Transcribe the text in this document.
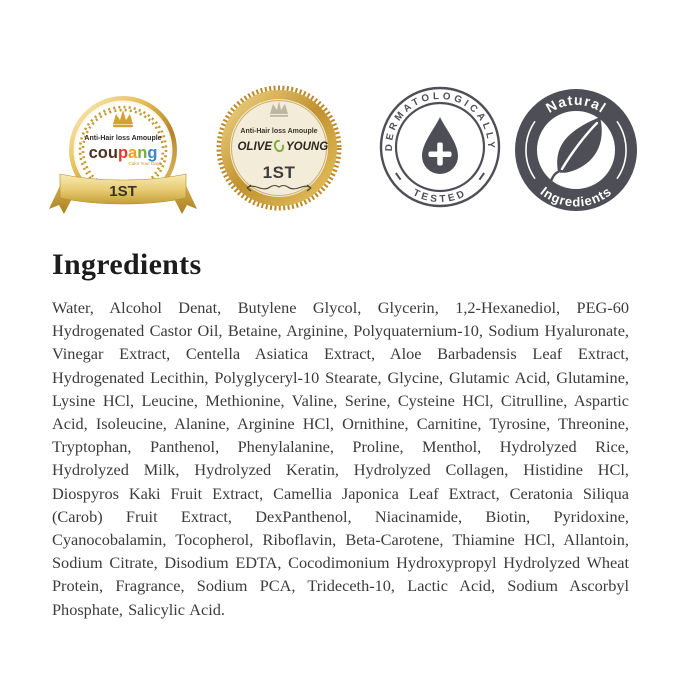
Anti-Hair loss Amouple
coupang
Color Your Days
1ST
Anti-Hair loss Amouple
OLIVE YOUNG
1ST
DERMATOLOGICALLY
TESTED
Natural
Ingredients
Ingredients

Water, Alcohol Denat, Butylene Glycol, Glycerin, 1,2-Hexanediol, PEG-60 Hydrogenated Castor Oil, Betaine, Arginine, Polyquaternium-10, Sodium Hyaluronate, Vinegar Extract, Centella Asiatica Extract, Aloe Barbadensis Leaf Extract, Hydrogenated Lecithin, Polyglyceryl-10 Stearate, Glycine, Glutamic Acid, Glutamine, Lysine HCl, Leucine, Methionine, Valine, Serine, Cysteine HCl, Citrulline, Aspartic Acid, Isoleucine, Alanine, Arginine HCl, Ornithine, Carnitine, Tyrosine, Threonine, Tryptophan, Panthenol, Phenylalanine, Proline, Menthol, Hydrolyzed Rice, Hydrolyzed Milk, Hydrolyzed Keratin, Hydrolyzed Collagen, Histidine HCl, Diospyros Kaki Fruit Extract, Camellia Japonica Leaf Extract, Ceratonia Siliqua (Carob) Fruit Extract, DexPanthenol, Niacinamide, Biotin, Pyridoxine, Cyanocobalamin, Tocopherol, Riboflavin, Beta-Carotene, Thiamine HCl, Allantoin, Sodium Citrate, Disodium EDTA, Cocodimonium Hydroxypropyl Hydrolyzed Wheat Protein, Fragrance, Sodium PCA, Trideceth-10, Lactic Acid, Sodium Ascorbyl Phosphate, Salicylic Acid.
